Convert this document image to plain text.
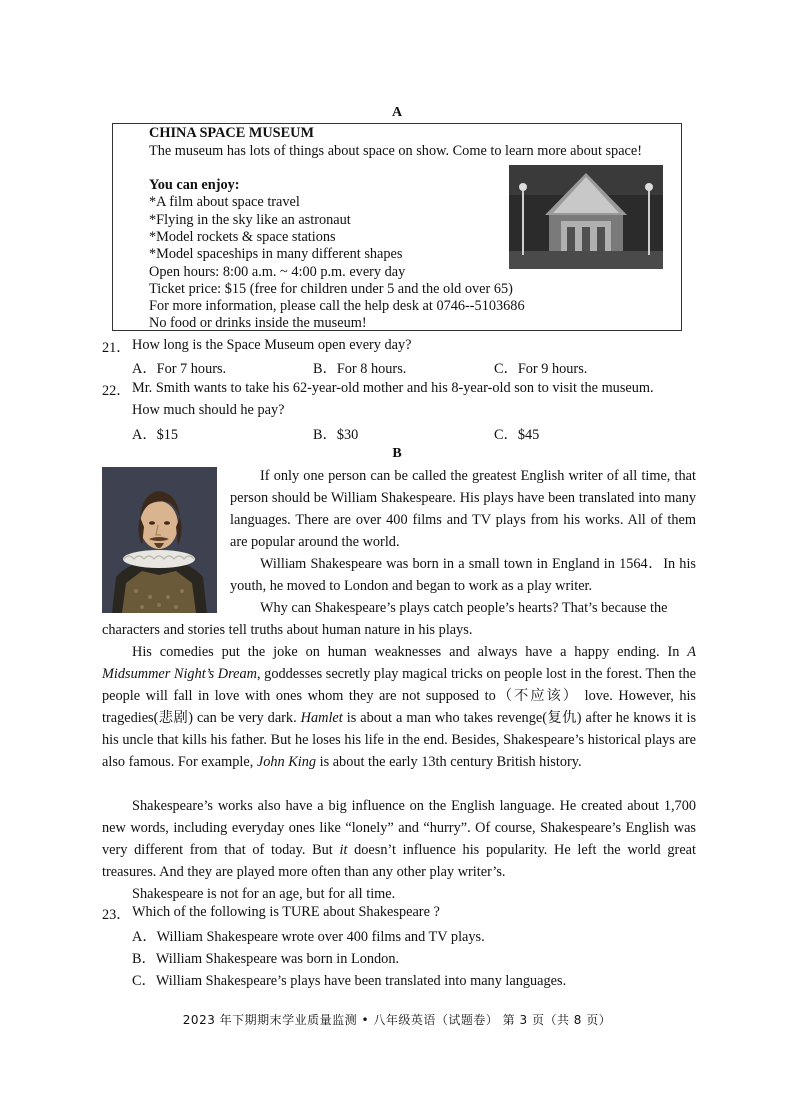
A
CHINA SPACE MUSEUM
The museum has lots of things about space on show. Come to learn more about space!
You can enjoy:
*A film about space travel
*Flying in the sky like an astronaut
*Model rockets & space stations
*Model spaceships in many different shapes
Open hours: 8:00 a.m. ~ 4:00 p.m. every day
Ticket price: $15 (free for children under 5 and the old over 65)
For more information, please call the help desk at 0746--5103686
No food or drinks inside the museum!
21． How long is the Space Museum open every day?
A．For 7 hours.	B．For 8 hours.	C．For 9 hours.
22． Mr. Smith wants to take his 62-year-old mother and his 8-year-old son to visit the museum.
How much should he pay?
A．$15	B．$30	C．$45
B
If only one person can be called the greatest English writer of all time, that person should be William Shakespeare. His plays have been translated into many languages. There are over 400 films and TV plays from his works. All of them are popular around the world.
William Shakespeare was born in a small town in England in 1564．In his youth, he moved to London and began to work as a play writer.
Why can Shakespeare’s plays catch people’s hearts? That’s because the
characters and stories tell truths about human nature in his plays.
His comedies put the joke on human weaknesses and always have a happy ending. In A Midsummer Night’s Dream, goddesses secretly play magical tricks on people lost in the forest. Then the people will fall in love with ones whom they are not supposed to（不应该） love. However, his tragedies(悲剧) can be very dark. Hamlet is about a man who takes revenge(复仇) after he knows it is his uncle that kills his father. But he loses his life in the end. Besides, Shakespeare’s historical plays are also famous. For example, John King is about the early 13th century British history.
Shakespeare’s works also have a big influence on the English language. He created about 1,700 new words, including everyday ones like “lonely” and “hurry”. Of course, Shakespeare’s English was very different from that of today. But it doesn’t influence his popularity. He left the world great treasures. And they are played more often than any other play writer’s.
Shakespeare is not for an age, but for all time.
23． Which of the following is TURE about Shakespeare ?
A．William Shakespeare wrote over 400 films and TV plays.
B．William Shakespeare was born in London.
C．William Shakespeare’s plays have been translated into many languages.
2023 年下期期末学业质量监测 • 八年级英语（试题卷） 第 3 页（共 8 页）
